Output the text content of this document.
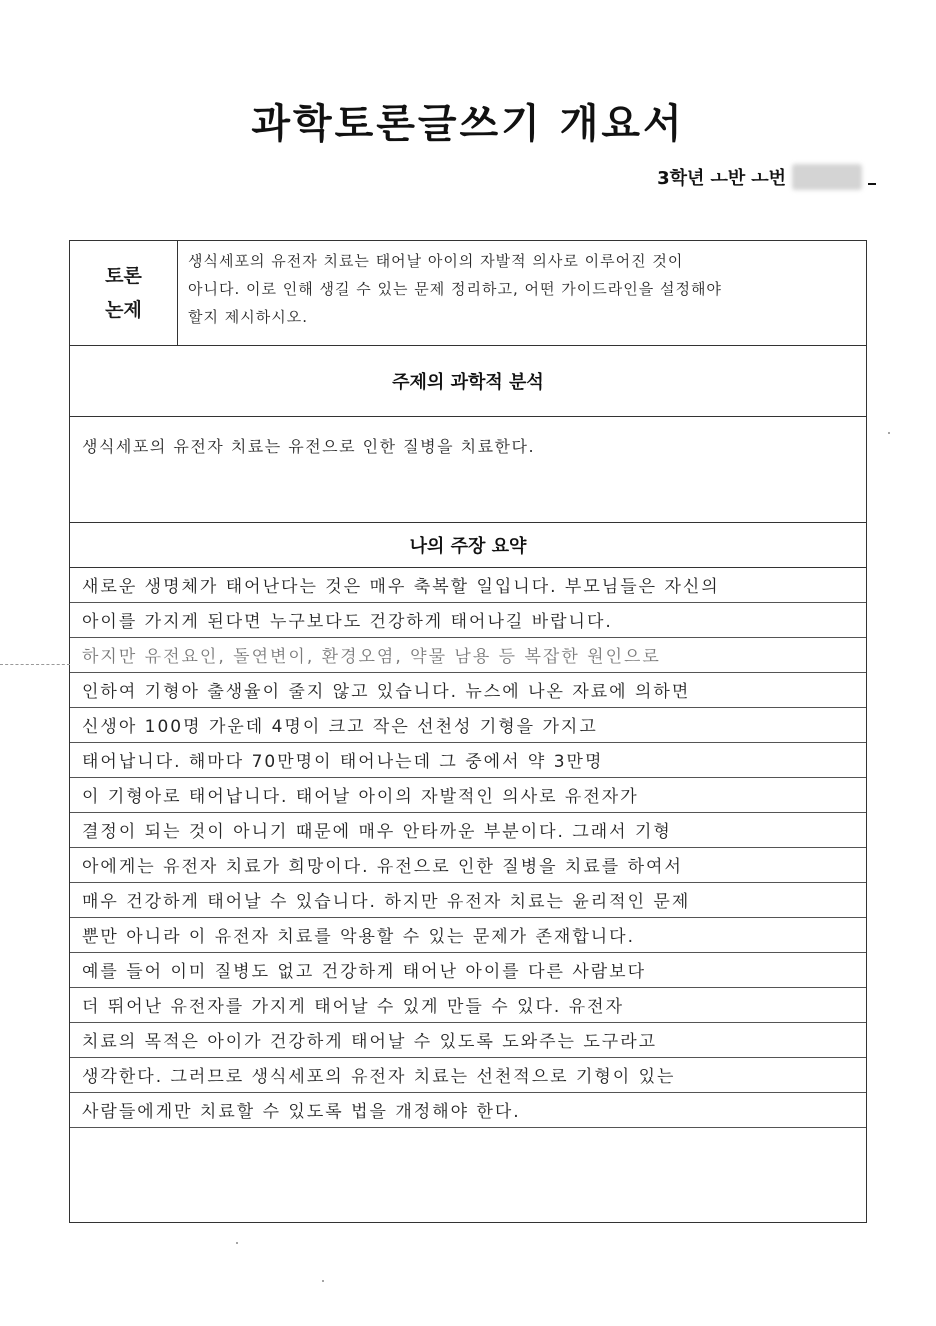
과학토론글쓰기 개요서
3학년 ㅗ반 ㅗ번
토론
논제
생식세포의 유전자 치료는 태어날 아이의 자발적 의사로 이루어진 것이
아니다. 이로 인해 생길 수 있는 문제 정리하고, 어떤 가이드라인을 설정해야
할지 제시하시오.
주제의 과학적 분석
생식세포의 유전자 치료는 유전으로 인한 질병을 치료한다.
나의 주장 요약
새로운 생명체가 태어난다는 것은 매우 축복할 일입니다. 부모님들은 자신의
아이를 가지게 된다면 누구보다도 건강하게 태어나길 바랍니다.
하지만 유전요인, 돌연변이, 환경오염, 약물 남용 등 복잡한 원인으로
인하여 기형아 출생율이 줄지 않고 있습니다. 뉴스에 나온 자료에 의하면
신생아 100명 가운데 4명이 크고 작은 선천성 기형을 가지고
태어납니다. 해마다 70만명이 태어나는데 그 중에서 약 3만명
이 기형아로 태어납니다. 태어날 아이의 자발적인 의사로 유전자가
결정이 되는 것이 아니기 때문에 매우 안타까운 부분이다. 그래서 기형
아에게는 유전자 치료가 희망이다. 유전으로 인한 질병을 치료를 하여서
매우 건강하게 태어날 수 있습니다. 하지만 유전자 치료는 윤리적인 문제
뿐만 아니라 이 유전자 치료를 악용할 수 있는 문제가 존재합니다.
예를 들어 이미 질병도 없고 건강하게 태어난 아이를 다른 사람보다
더 뛰어난 유전자를 가지게 태어날 수 있게 만들 수 있다. 유전자
치료의 목적은 아이가 건강하게 태어날 수 있도록 도와주는 도구라고
생각한다. 그러므로 생식세포의 유전자 치료는 선천적으로 기형이 있는
사람들에게만 치료할 수 있도록 법을 개정해야 한다.
